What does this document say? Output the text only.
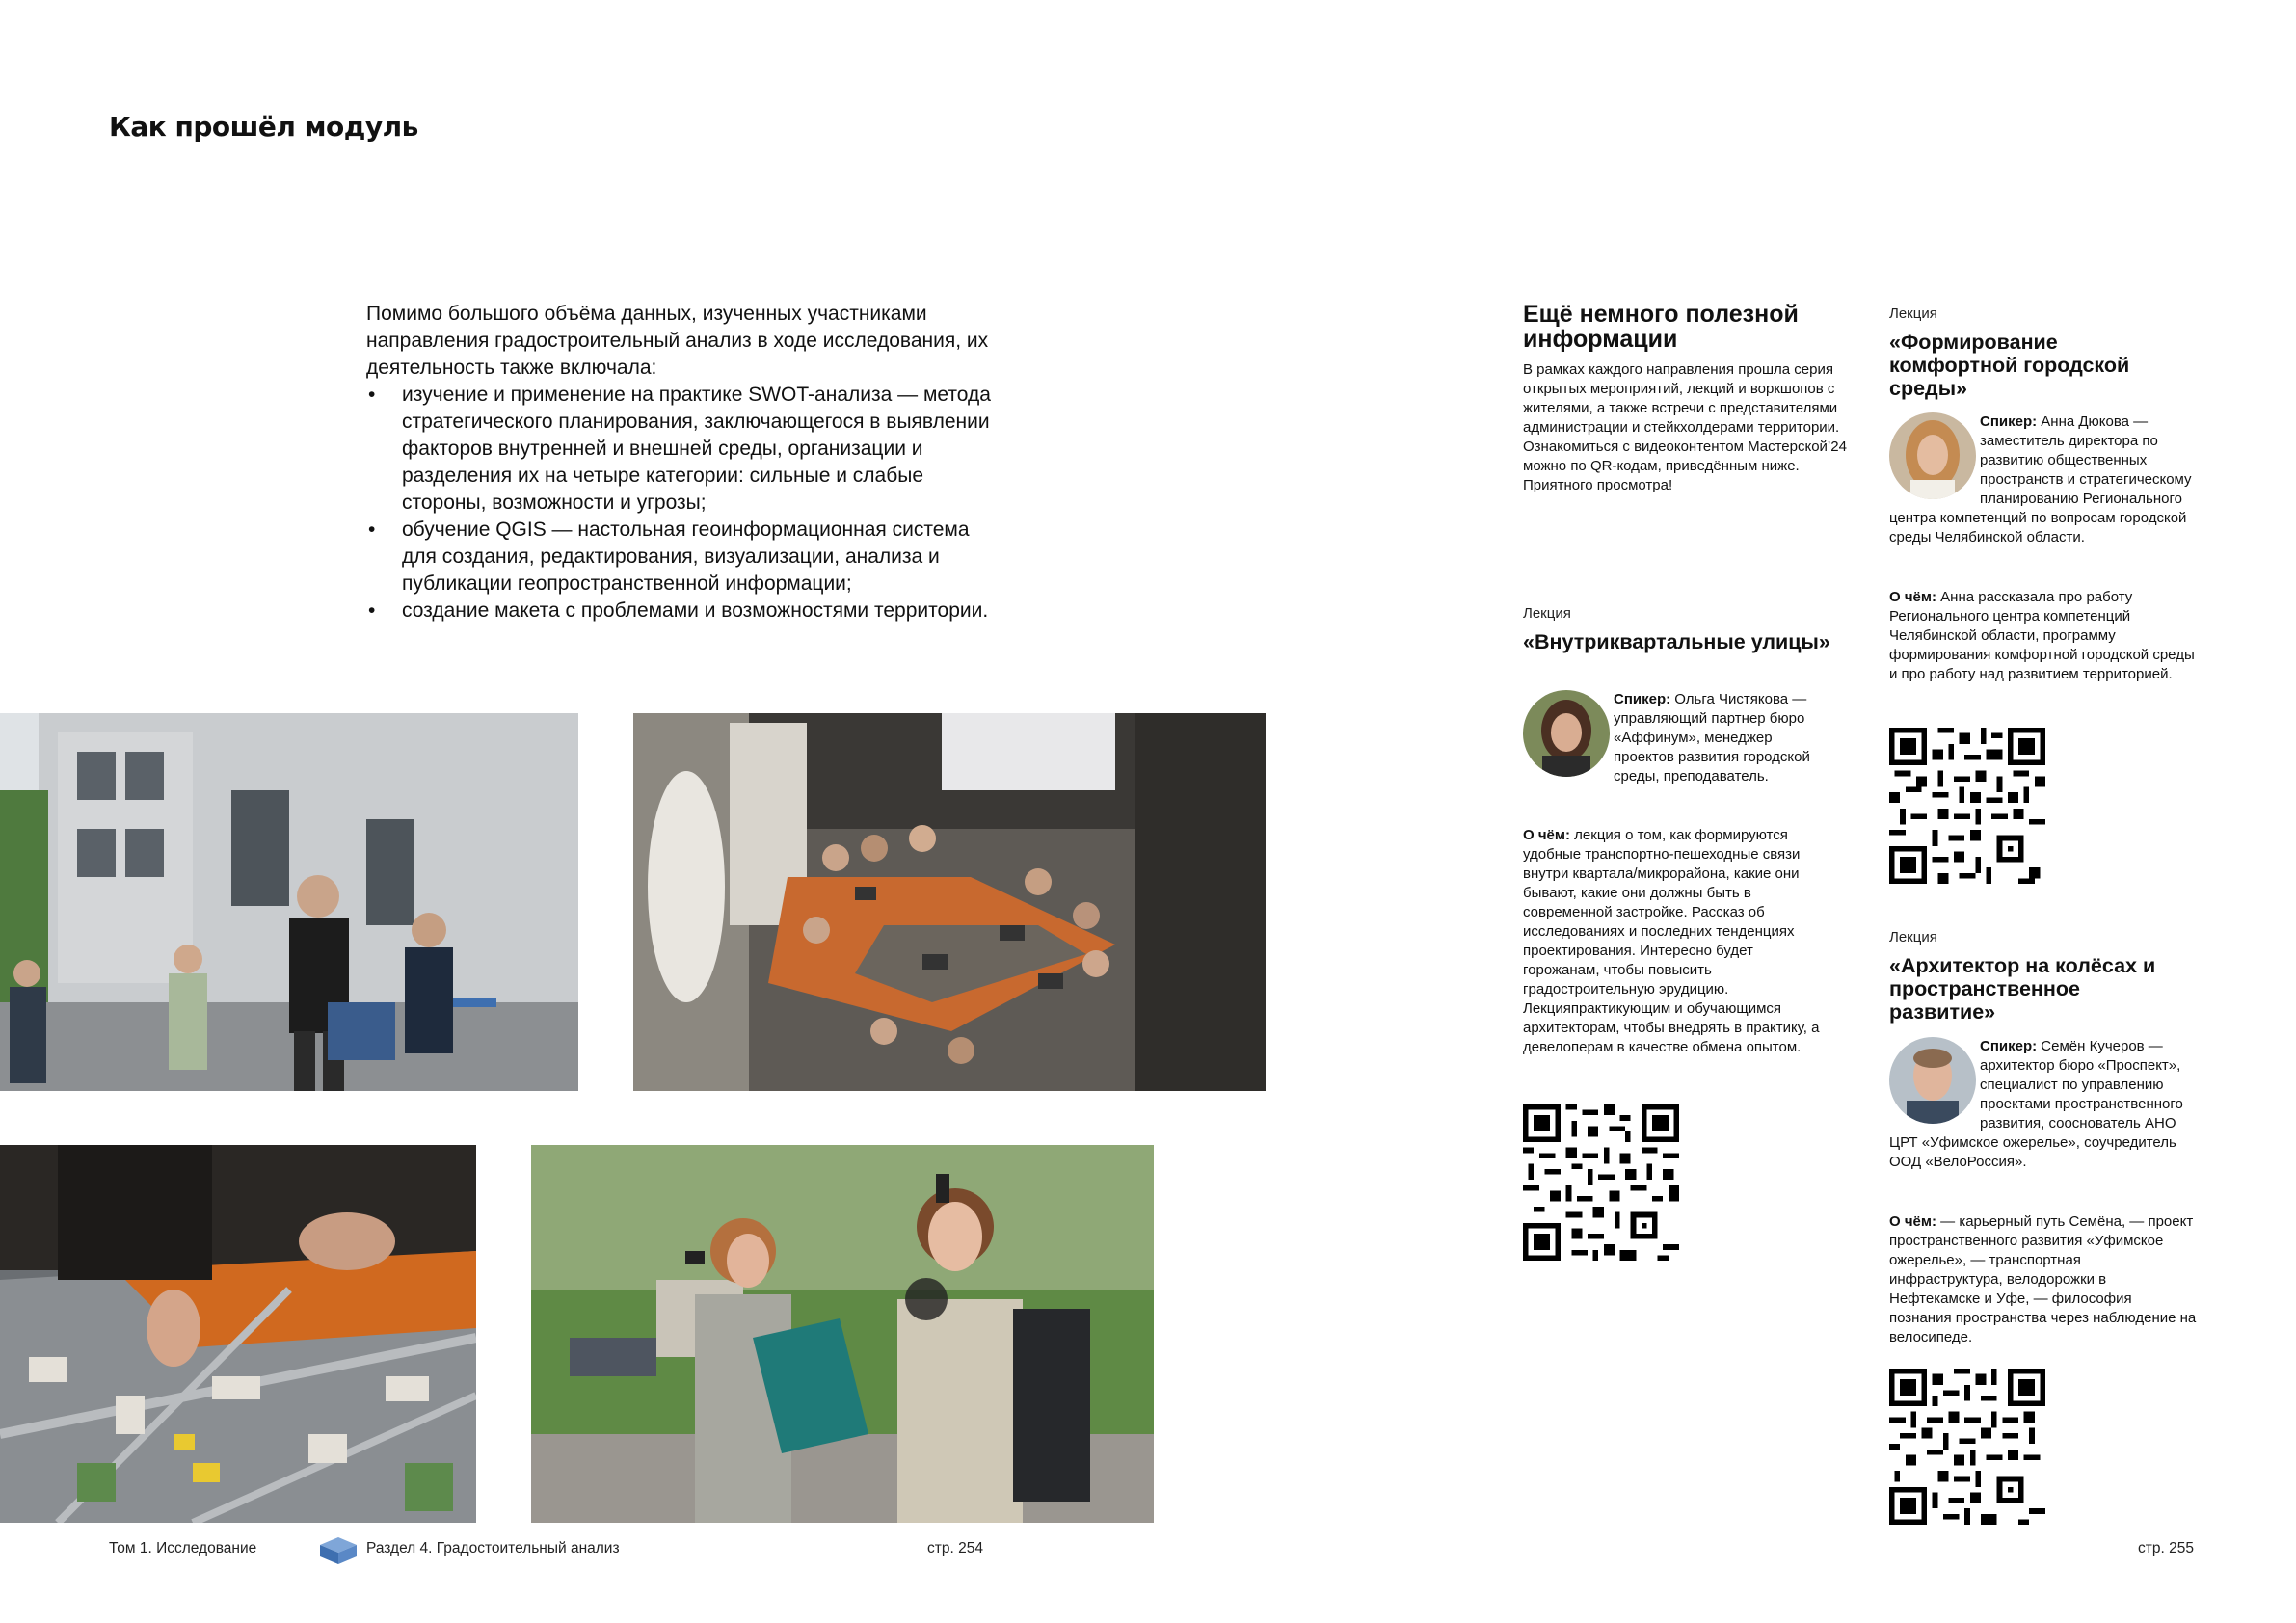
Как прошёл модуль

Помимо большого объёма данных, изученных участниками направления градостроительный анализ в ходе исследования, их деятельность также включала:

• изучение и применение на практике SWOT-анализа — метода стратегического планирования, заключающегося в выявлении факторов внутренней и внешней среды, организации и разделения их на четыре категории: сильные и слабые стороны, возможности и угрозы;
• обучение QGIS — настольная геоинформационная система для создания, редактирования, визуализации, анализа и публикации геопространственной информации;
• создание макета с проблемами и возможностями территории.
Том 1. Исследование	Раздел 4. Градостоительный анализ	стр. 254	стр. 255
Ещё немного полезной информации
В рамках каждого направления прошла серия открытых мероприятий, лекций и воркшопов с жителями, а также встречи с представителями администрации и стейкхолдерами территории. Ознакомиться с видеоконтентом Мастерской’24 можно по QR-кодам, приведённым ниже. Приятного просмотра!
Лекция
«Внутриквартальные улицы»
Спикер: Ольга Чистякова — управляющий партнер бюро «Аффинум», менеджер проектов развития городской среды, преподаватель.
О чём: лекция о том, как формируются удобные транспортно-пешеходные связи внутри квартала/микрорайона, какие они бывают, какие они должны быть в современной застройке. Рассказ об исследованиях и последних тенденциях проектирования. Интересно будет горожанам, чтобы повысить градостроительную эрудицию. Лекцияпрактикующим и обучающимся архитекторам, чтобы внедрять в практику, а девелоперам в качестве обмена опытом.
Лекция
«Формирование комфортной городской среды»
Спикер: Анна Дюкова — заместитель директора по развитию общественных пространств и стратегическому планированию Регионального центра компетенций по вопросам городской среды Челябинской области.
О чём: Анна рассказала про работу Регионального центра компетенций Челябинской области, программу формирования комфортной городской среды и про работу над развитием территорией.
Лекция
«Архитектор на колёсах и пространственное развитие»
Спикер: Семён Кучеров — архитектор бюро «Проспект», специалист по управлению проектами пространственного развития, сооснователь АНО ЦРТ «Уфимское ожерелье», соучредитель ООД «ВелоРоссия».
О чём: — карьерный путь Семёна, — проект пространственного развития «Уфимское ожерелье», — транспортная инфраструктура, велодорожки в Нефтекамске и Уфе, — философия познания пространства через наблюдение на велосипеде.
